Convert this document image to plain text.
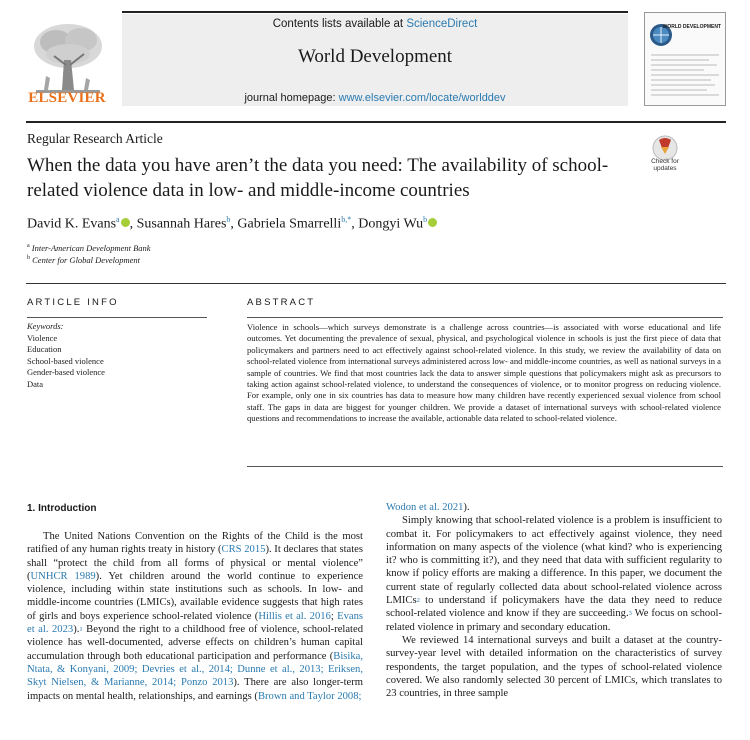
ELSEVIER
Contents lists available at ScienceDirect
World Development
journal homepage: www.elsevier.com/locate/worlddev
WORLD DEVELOPMENT
Regular Research Article
When the data you have aren’t the data you need: The availability of school-related violence data in low- and middle-income countries
Check for updates
David K. Evans$^a$ , Susannah Hares$^b$, Gabriela Smarrelli$^{b,*}$, Dongyi Wu$^b$
$^a$ Inter-American Development Bank
$^b$ Center for Global Development
ARTICLE INFO	ABSTRACT
Keywords:
Violence
Education
School-based violence
Gender-based violence
Data
Violence in schools—which surveys demonstrate is a challenge across countries—is associated with worse educational and life outcomes. Yet documenting the prevalence of sexual, physical, and psychological violence in schools is just the first piece of data that policymakers and partners need to act effectively against school-related violence. In this study, we review the availability of data on school-related violence from international surveys administered across low- and middle-income countries, as well as national surveys in a sample of countries. We find that most countries lack the data to answer simple questions that policymakers might ask as precursors to taking action against school-related violence, to understand the consequences of violence, or to monitor progress on reducing violence. For example, only one in six countries has data to measure how many children have recently experienced sexual violence from school staff. The gaps in data are biggest for younger children. We provide a dataset of international surveys with school-related violence questions and recommendations to increase the available, actionable data related to school-related violence.
1. Introduction

The United Nations Convention on the Rights of the Child is the most ratified of any human rights treaty in history (CRS 2015). It declares that states shall “protect the child from all forms of physical or mental violence” (UNHCR 1989). Yet children around the world continue to experience violence, including within state institutions such as schools. In low- and middle-income countries (LMICs), available evidence suggests that high rates of girls and boys experience school-related violence (Hillis et al. 2016; Evans et al. 2023).$^1$ Beyond the right to a childhood free of violence, school-related violence has well-documented, adverse effects on children’s human capital accumulation through both educational participation and performance (Bisika, Ntata, & Konyani, 2009; Devries et al., 2014; Dunne et al., 2013; Eriksen, Skyt Nielsen, & Marianne, 2014; Ponzo 2013). There are also longer-term impacts on mental health, relationships, and earnings (Brown and Taylor 2008;

Wodon et al. 2021).

Simply knowing that school-related violence is a problem is insufficient to combat it. For policymakers to act effectively against violence, they need information on many aspects of the violence (what kind? who is experiencing it? who is committing it?), and they need that data with sufficient regularity to know if policy efforts are making a difference. In this paper, we document the current state of regularly collected data about school-related violence across LMICs$^2$ to understand if policymakers have the data they need to reduce school-related violence and know if they are succeeding.$^3$ We focus on school-related violence in primary and secondary education.

We reviewed 14 international surveys and built a dataset at the country-survey-year level with detailed information on the characteristics of survey respondents, the target population, and the types of school-related violence covered. We also randomly selected 30 percent of LMICs, which translates to 23 countries, in three sample
